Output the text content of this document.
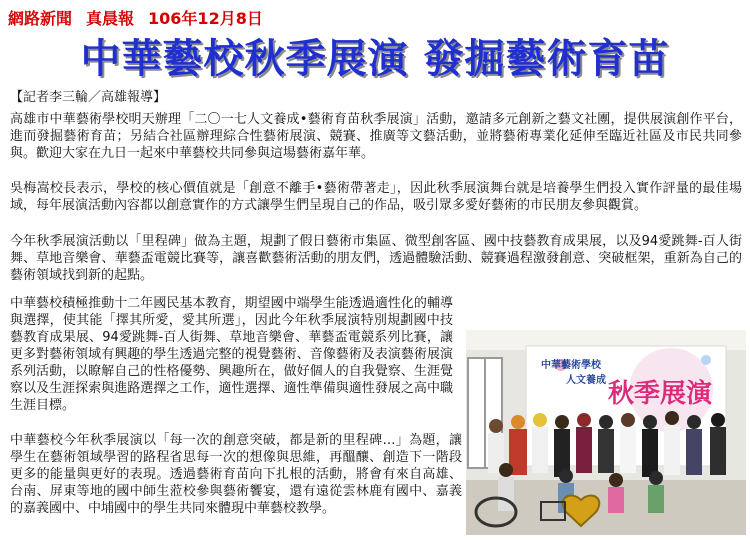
網路新聞 真晨報 106年12月8日
中華藝校秋季展演 發掘藝術育苗
【記者李三輪／高雄報導】

高雄市中華藝術學校明天辦理「二〇一七人文養成•藝術育苗秋季展演」活動，邀請多元創新之藝文社團，提供展演創作平台，進而發掘藝術育苗；另結合社區辦理綜合性藝術展演、競賽、推廣等文藝活動，並將藝術專業化延伸至臨近社區及市民共同參與。歡迎大家在九日一起來中華藝校共同參與這場藝術嘉年華。

吳梅嵩校長表示，學校的核心價值就是「創意不離手•藝術帶著走」，因此秋季展演舞台就是培養學生們投入實作評量的最佳場域，每年展演活動內容都以創意實作的方式讓學生們呈現自己的作品，吸引眾多愛好藝術的市民朋友參與觀賞。

今年秋季展演活動以「里程碑」做為主題，規劃了假日藝術市集區、微型創客區、國中技藝教育成果展，以及94愛跳舞-百人街舞、草地音樂會、華藝盃電競比賽等，讓喜歡藝術活動的朋友們，透過體驗活動、競賽過程激發創意、突破框架，重新為自己的藝術領域找到新的起點。

中華藝校積極推動十二年國民基本教育，期望國中端學生能透過適性化的輔導與選擇，使其能「擇其所愛，愛其所選」，因此今年秋季展演特別規劃國中技藝教育成果展、94愛跳舞-百人街舞、草地音樂會、華藝盃電競系列比賽，讓更多對藝術領域有興趣的學生透過完整的視覺藝術、音像藝術及表演藝術展演系列活動，以瞭解自己的性格優勢、興趣所在，做好個人的自我覺察、生涯覺察以及生涯探索與進路選擇之工作，適性選擇、適性準備與適性發展之高中職生涯目標。

中華藝校今年秋季展演以「每一次的創意突破，都是新的里程碑…」為題，讓學生在藝術領域學習的路程省思每一次的想像與思維，再醞釀、創造下一階段更多的能量與更好的表現。透過藝術育苗向下扎根的活動，將會有來自高雄、台南、屏東等地的國中師生蒞校參與藝術饗宴，還有遠從雲林鹿有國中、嘉義的嘉義國中、中埔國中的學生共同來體現中華藝校教學。

中華藝術學校
人文養成 秋季展演
